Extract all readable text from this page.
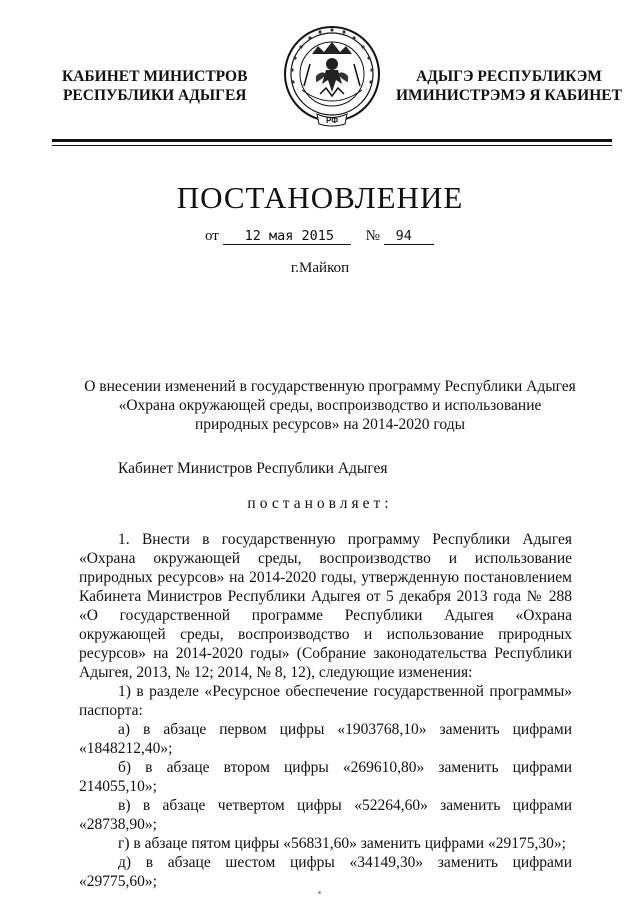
КАБИНЕТ МИНИСТРОВ
РЕСПУБЛИКИ АДЫГЕЯ
РФ
АДЫГЭ РЕСПУБЛИКЭМ
ИМИНИСТРЭМЭ Я КАБИНЕТ
ПОСТАНОВЛЕНИЕ
от 12 мая 2015 № 94
г.Майкоп
О внесении изменений в государственную программу Республики Адыгея
«Охрана окружающей среды, воспроизводство и использование
природных ресурсов» на 2014-2020 годы
Кабинет Министров Республики Адыгея
постановляет:

1. Внести в государственную программу Республики Адыгея «Охрана окружающей среды, воспроизводство и использование природных ресурсов» на 2014-2020 годы, утвержденную постановлением Кабинета Министров Республики Адыгея от 5 декабря 2013 года № 288 «О государственной программе Республики Адыгея «Охрана окружающей среды, воспроизводство и использование природных ресурсов» на 2014-2020 годы» (Собрание законодательства Республики Адыгея, 2013, № 12; 2014, № 8, 12), следующие изменения:

1) в разделе «Ресурсное обеспечение государственной программы» паспорта:

а) в абзаце первом цифры «1903768,10» заменить цифрами «1848212,40»;

б) в абзаце втором цифры «269610,80» заменить цифрами 214055,10»;

в) в абзаце четвертом цифры «52264,60» заменить цифрами «28738,90»;

г) в абзаце пятом цифры «56831,60» заменить цифрами «29175,30»;

д) в абзаце шестом цифры «34149,30» заменить цифрами «29775,60»;
